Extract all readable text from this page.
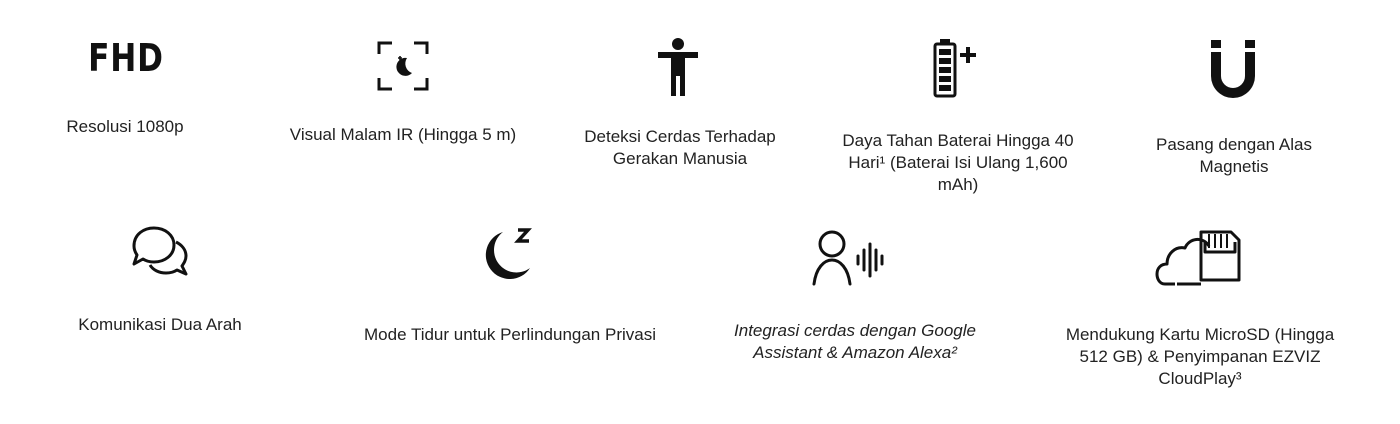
FHD
Resolusi 1080p	Visual Malam IR (Hingga 5 m)	Deteksi Cerdas Terhadap Gerakan Manusia
Daya Tahan Baterai Hingga 40 Hari¹ (Baterai Isi Ulang 1,600 mAh)
Pasang dengan Alas Magnetis
Komunikasi Dua Arah
Mode Tidur untuk Perlindungan Privasi	Integrasi cerdas dengan Google Assistant & Amazon Alexa²
Mendukung Kartu MicroSD (Hingga 512 GB) & Penyimpanan EZVIZ CloudPlay³
